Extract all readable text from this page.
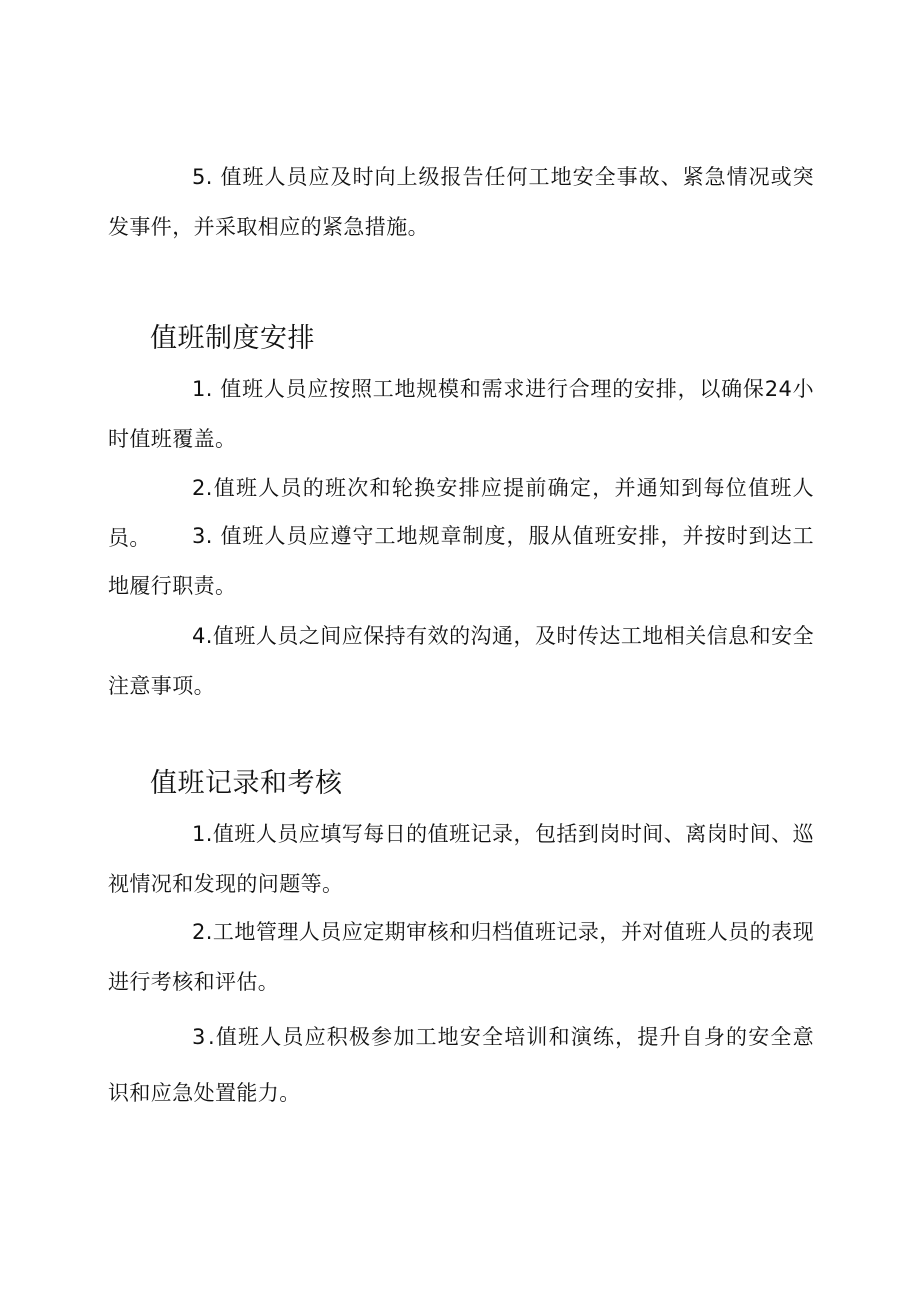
5. 值班人员应及时向上级报告任何工地安全事故、紧急情况或突发事件，并采取相应的紧急措施。

值班制度安排

1. 值班人员应按照工地规模和需求进行合理的安排，以确保24小时值班覆盖。

2.值班人员的班次和轮换安排应提前确定，并通知到每位值班人员。	3. 值班人员应遵守工地规章制度，服从值班安排，并按时到达工地履行职责。

4.值班人员之间应保持有效的沟通，及时传达工地相关信息和安全注意事项。

值班记录和考核

1.值班人员应填写每日的值班记录，包括到岗时间、离岗时间、巡视情况和发现的问题等。

2.工地管理人员应定期审核和归档值班记录，并对值班人员的表现进行考核和评估。

3 .值班人员应积极参加工地安全培训和演练，提升自身的安全意识和应急处置能力。
